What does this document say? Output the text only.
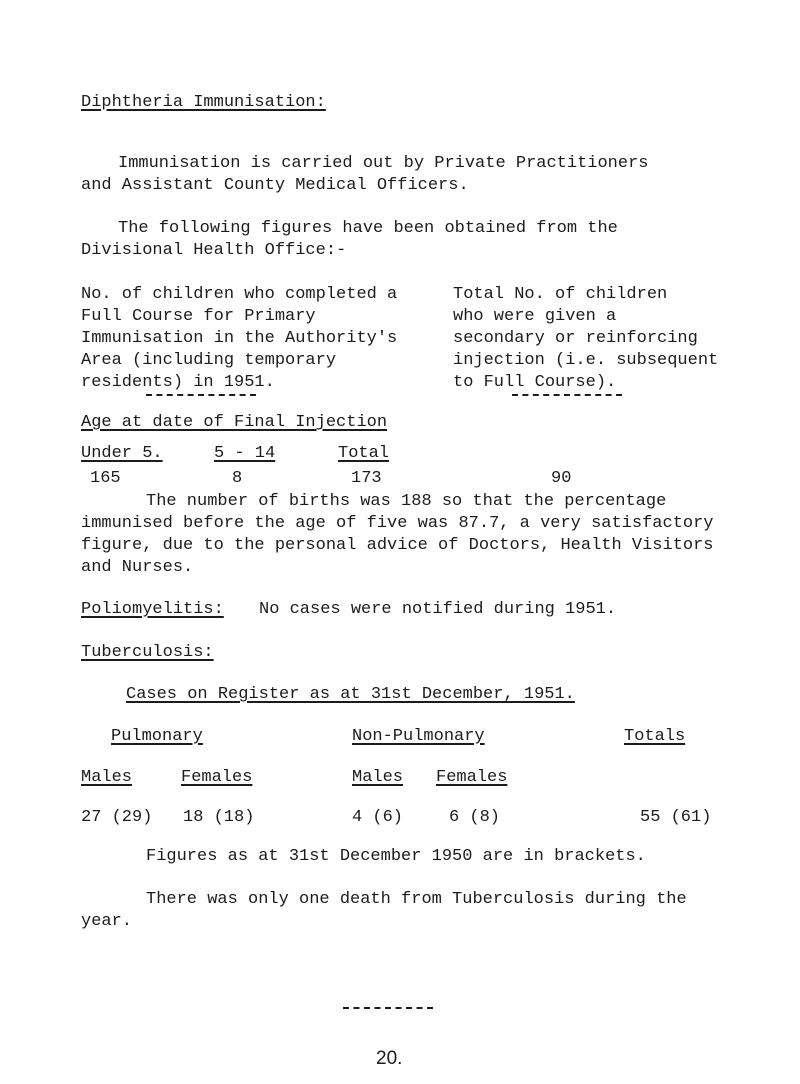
Diphtheria Immunisation:
Immunisation is carried out by Private Practitioners
and Assistant County Medical Officers.
The following figures have been obtained from the
Divisional Health Office:-
No. of children who completed a
Full Course for Primary
Immunisation in the Authority's
Area (including temporary
residents) in 1951.
Total No. of children
who were given a
secondary or reinforcing
injection (i.e. subsequent
to Full Course).
Age at date of Final Injection
Under 5.	5 - 14	Total
165	8	173	90
The number of births was 188 so that the percentage
immunised before the age of five was 87.7, a very satisfactory
figure, due to the personal advice of Doctors, Health Visitors
and Nurses.
Poliomyelitis: No cases were notified during 1951.
Tuberculosis:
Cases on Register as at 31st December, 1951.
Pulmonary	Non-Pulmonary	Totals
Males	Females	Males Females
27 (29) 18 (18)	4 (6)	6 (8)	55 (61)
Figures as at 31st December 1950 are in brackets.
There was only one death from Tuberculosis during the
year.
20.
